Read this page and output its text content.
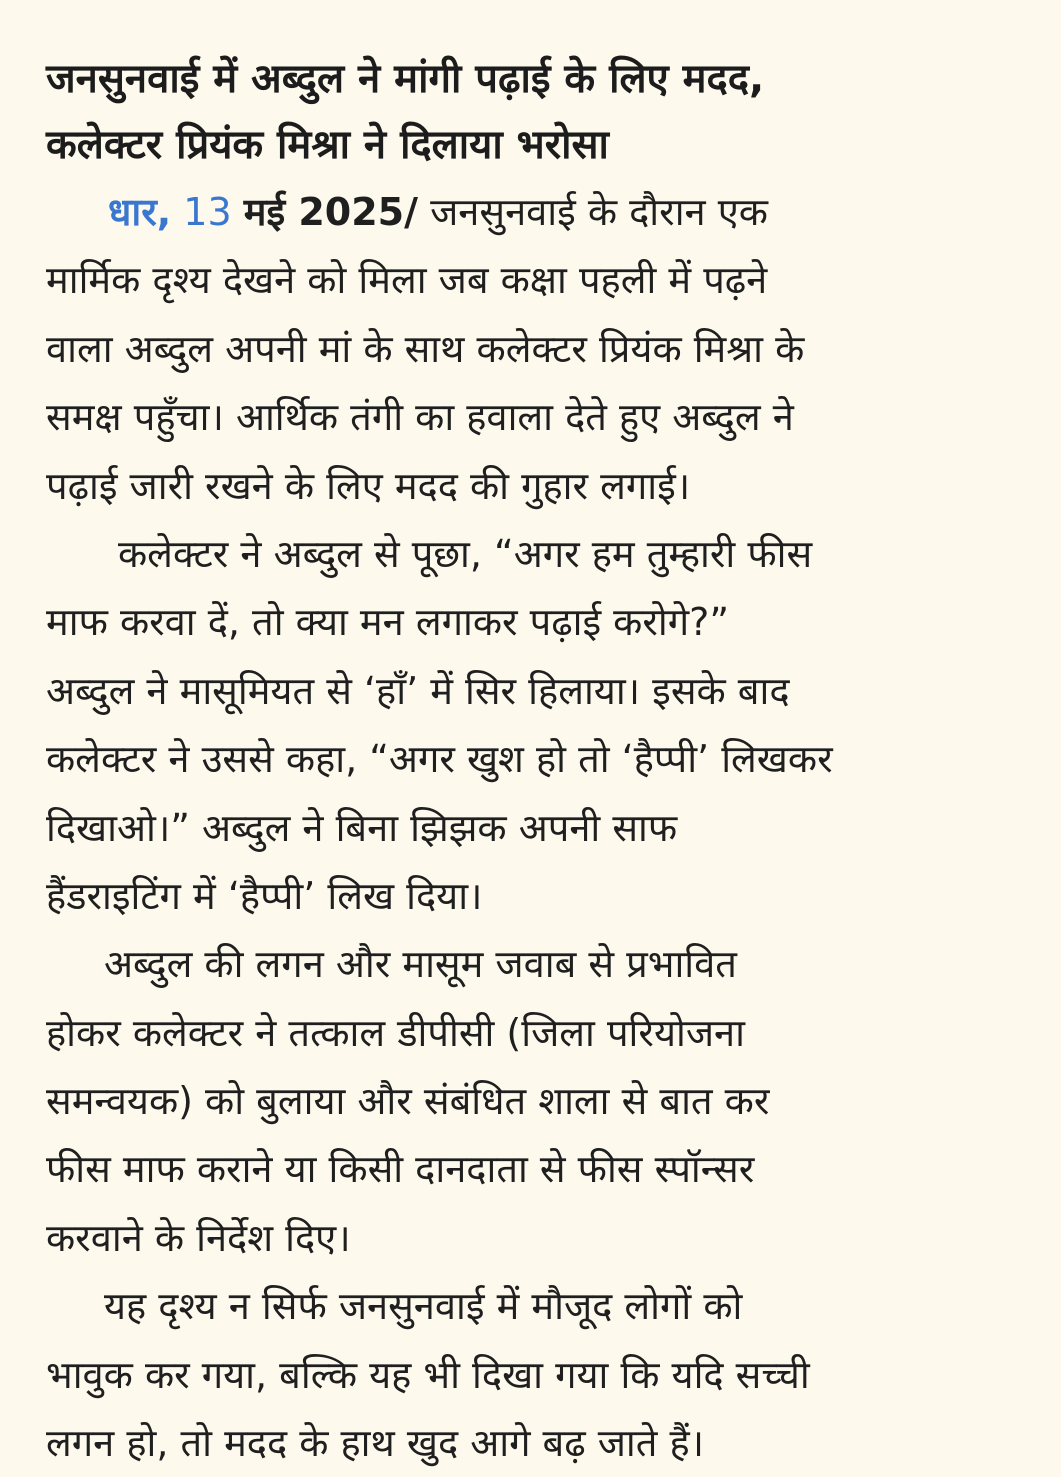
जनसुनवाई में अब्दुल ने मांगी पढ़ाई के लिए मदद,
कलेक्टर प्रियंक मिश्रा ने दिलाया भरोसा
धार, 13 मई 2025/ जनसुनवाई के दौरान एक
मार्मिक दृश्य देखने को मिला जब कक्षा पहली में पढ़ने
वाला अब्दुल अपनी मां के साथ कलेक्टर प्रियंक मिश्रा के
समक्ष पहुँचा। आर्थिक तंगी का हवाला देते हुए अब्दुल ने
पढ़ाई जारी रखने के लिए मदद की गुहार लगाई।
कलेक्टर ने अब्दुल से पूछा, “अगर हम तुम्हारी फीस
माफ करवा दें, तो क्या मन लगाकर पढ़ाई करोगे?”
अब्दुल ने मासूमियत से ‘हाँ’ में सिर हिलाया। इसके बाद
कलेक्टर ने उससे कहा, “अगर खुश हो तो ‘हैप्पी’ लिखकर
दिखाओ।” अब्दुल ने बिना झिझक अपनी साफ
हैंडराइटिंग में ‘हैप्पी’ लिख दिया।
अब्दुल की लगन और मासूम जवाब से प्रभावित
होकर कलेक्टर ने तत्काल डीपीसी (जिला परियोजना
समन्वयक) को बुलाया और संबंधित शाला से बात कर
फीस माफ कराने या किसी दानदाता से फीस स्पॉन्सर
करवाने के निर्देश दिए।
यह दृश्य न सिर्फ जनसुनवाई में मौजूद लोगों को
भावुक कर गया, बल्कि यह भी दिखा गया कि यदि सच्ची
लगन हो, तो मदद के हाथ खुद आगे बढ़ जाते हैं।
